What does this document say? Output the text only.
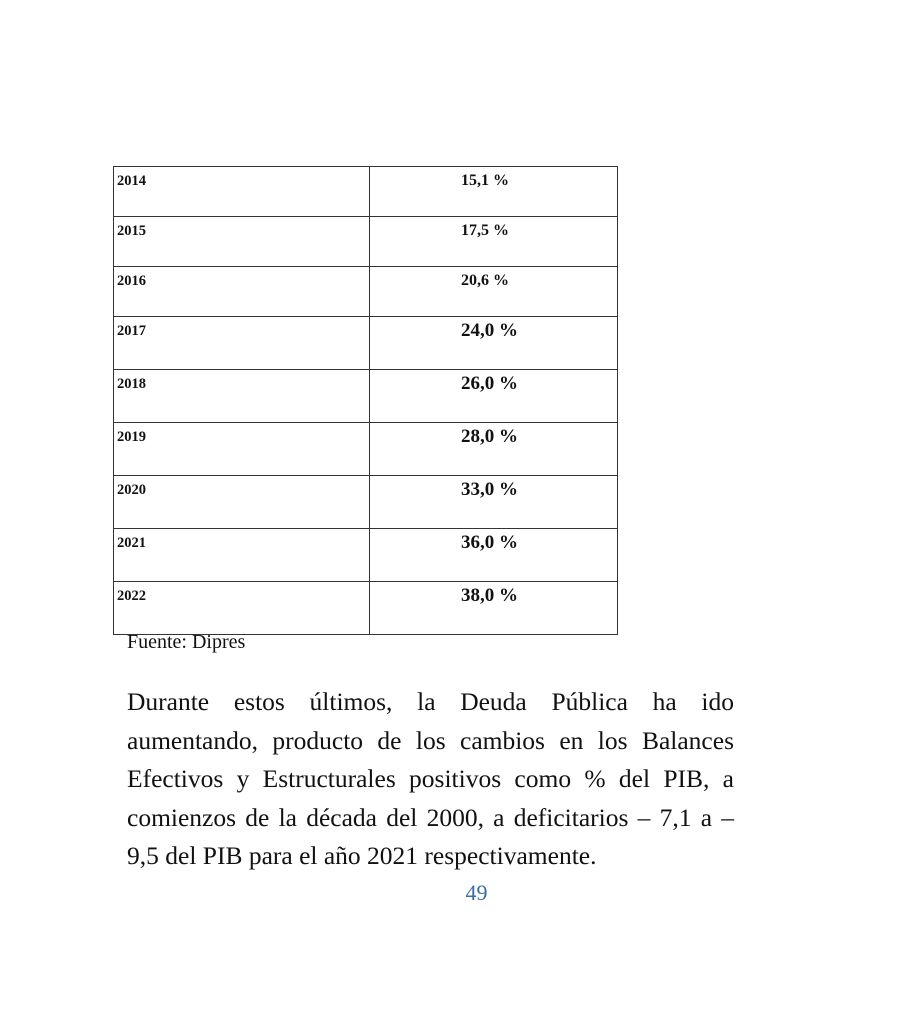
2014	15,1 %
2015	17,5 %
2016	20,6 %
2017	24,0 %
2018	26,0 %
2019	28,0 %
2020	33,0 %
2021	36,0 %
2022	38,0 %
Fuente: Dipres

Durante estos últimos, la Deuda Pública ha ido aumentando, producto de los cambios en los Balances Efectivos y Estructurales positivos como % del PIB, a comienzos de la década del 2000, a deficitarios – 7,1 a – 9,5 del PIB para el año 2021 respectivamente.

49
